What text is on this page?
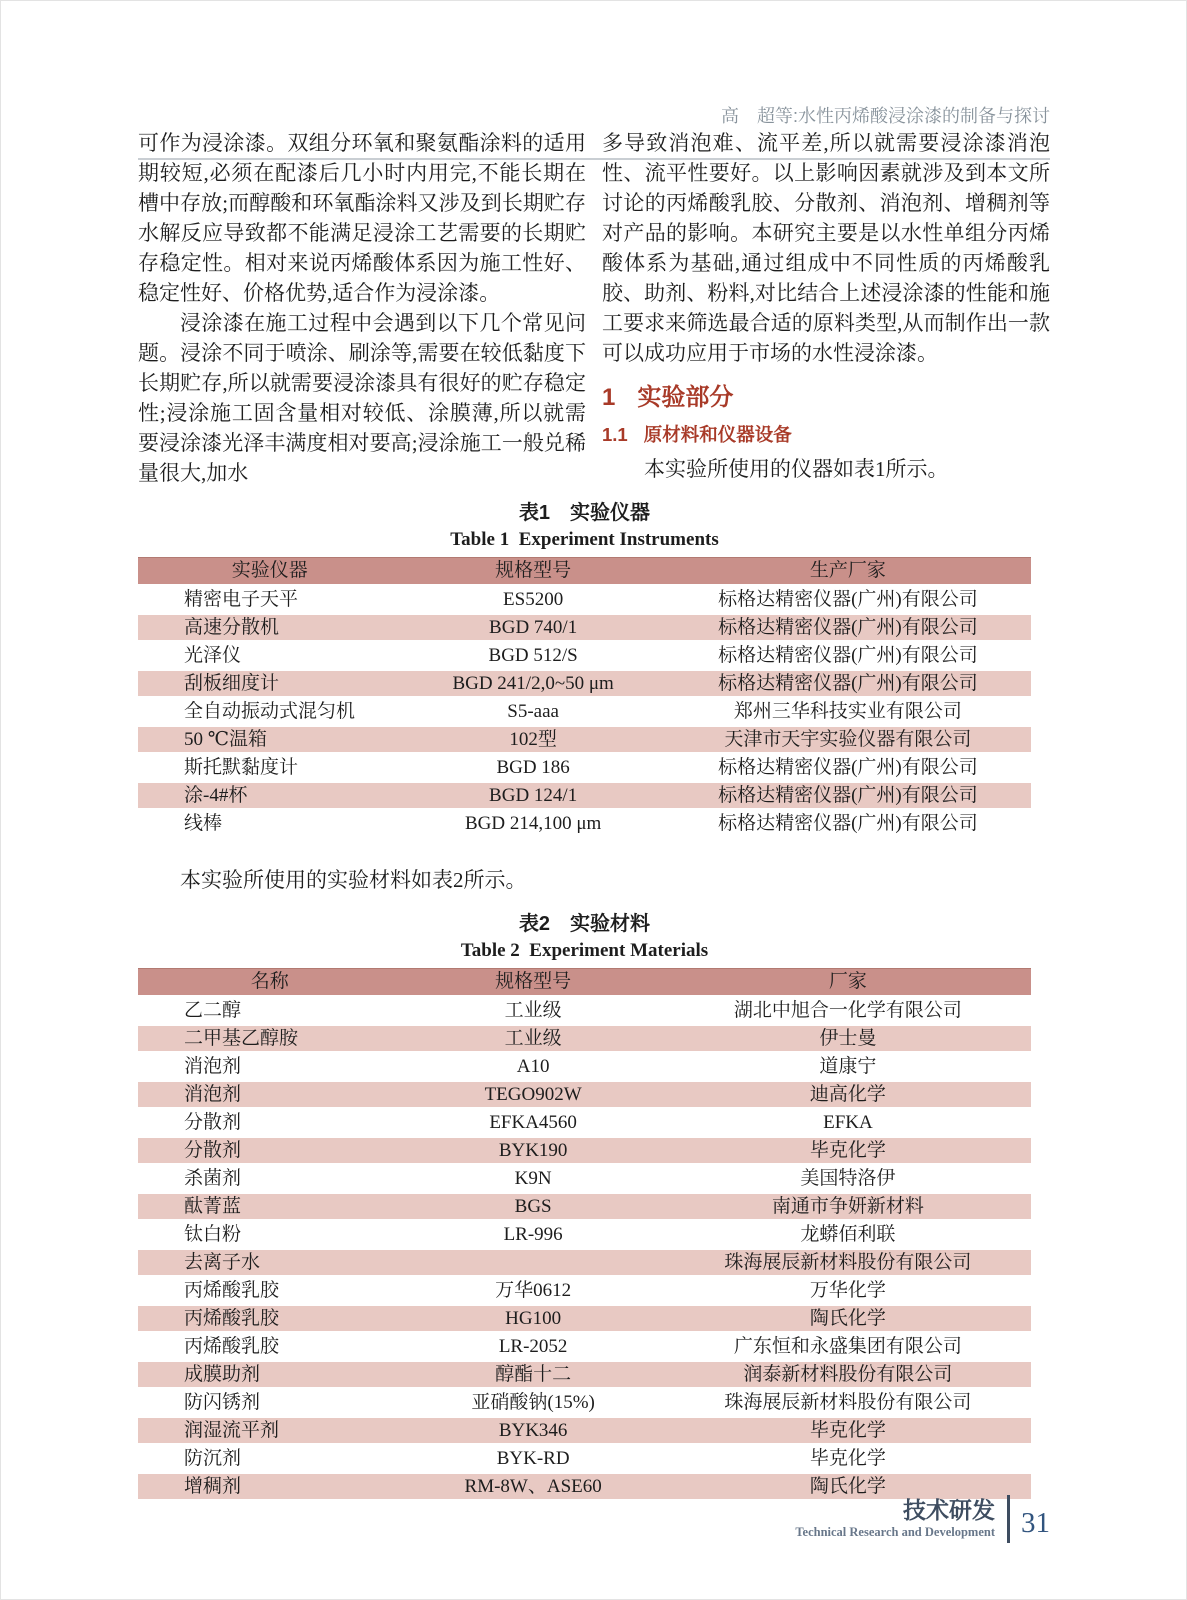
高　超等:水性丙烯酸浸涂漆的制备与探讨

可作为浸涂漆。双组分环氧和聚氨酯涂料的适用期较短,必须在配漆后几小时内用完,不能长期在槽中存放;而醇酸和环氧酯涂料又涉及到长期贮存水解反应导致都不能满足浸涂工艺需要的长期贮存稳定性。相对来说丙烯酸体系因为施工性好、稳定性好、价格优势,适合作为浸涂漆。

浸涂漆在施工过程中会遇到以下几个常见问题。浸涂不同于喷涂、刷涂等,需要在较低黏度下长期贮存,所以就需要浸涂漆具有很好的贮存稳定性;浸涂施工固含量相对较低、涂膜薄,所以就需要浸涂漆光泽丰满度相对要高;浸涂施工一般兑稀量很大,加水

多导致消泡难、流平差,所以就需要浸涂漆消泡性、流平性要好。以上影响因素就涉及到本文所讨论的丙烯酸乳胶、分散剂、消泡剂、增稠剂等对产品的影响。本研究主要是以水性单组分丙烯酸体系为基础,通过组成中不同性质的丙烯酸乳胶、助剂、粉料,对比结合上述浸涂漆的性能和施工要求来筛选最合适的原料类型,从而制作出一款可以成功应用于市场的水性浸涂漆。

1 实验部分
1.1 原材料和仪器设备

本实验所使用的仪器如表1所示。

表1　实验仪器
Table 1  Experiment Instruments
实验仪器	规格型号	生产厂家
精密电子天平	ES5200	标格达精密仪器(广州)有限公司
高速分散机	BGD 740/1	标格达精密仪器(广州)有限公司
光泽仪	BGD 512/S	标格达精密仪器(广州)有限公司
刮板细度计	BGD 241/2,0~50 μm	标格达精密仪器(广州)有限公司
全自动振动式混匀机	S5-aaa	郑州三华科技实业有限公司
50 ℃温箱	102型	天津市天宇实验仪器有限公司
斯托默黏度计	BGD 186	标格达精密仪器(广州)有限公司
涂-4#杯	BGD 124/1	标格达精密仪器(广州)有限公司
线棒	BGD 214,100 μm	标格达精密仪器(广州)有限公司

本实验所使用的实验材料如表2所示。

表2　实验材料
Table 2  Experiment Materials
名称	规格型号	厂家
乙二醇	工业级	湖北中旭合一化学有限公司
二甲基乙醇胺	工业级	伊士曼
消泡剂	A10	道康宁
消泡剂	TEGO902W	迪高化学
分散剂	EFKA4560	EFKA
分散剂	BYK190	毕克化学
杀菌剂	K9N	美国特洛伊
酞菁蓝	BGS	南通市争妍新材料
钛白粉	LR-996	龙蟒佰利联
去离子水		珠海展辰新材料股份有限公司
丙烯酸乳胶	万华0612	万华化学
丙烯酸乳胶	HG100	陶氏化学
丙烯酸乳胶	LR-2052	广东恒和永盛集团有限公司
成膜助剂	醇酯十二	润泰新材料股份有限公司
防闪锈剂	亚硝酸钠(15%)	珠海展辰新材料股份有限公司
润湿流平剂	BYK346	毕克化学
防沉剂	BYK-RD	毕克化学
增稠剂	RM-8W、ASE60	陶氏化学
技术研发
Technical Research and Development 31
